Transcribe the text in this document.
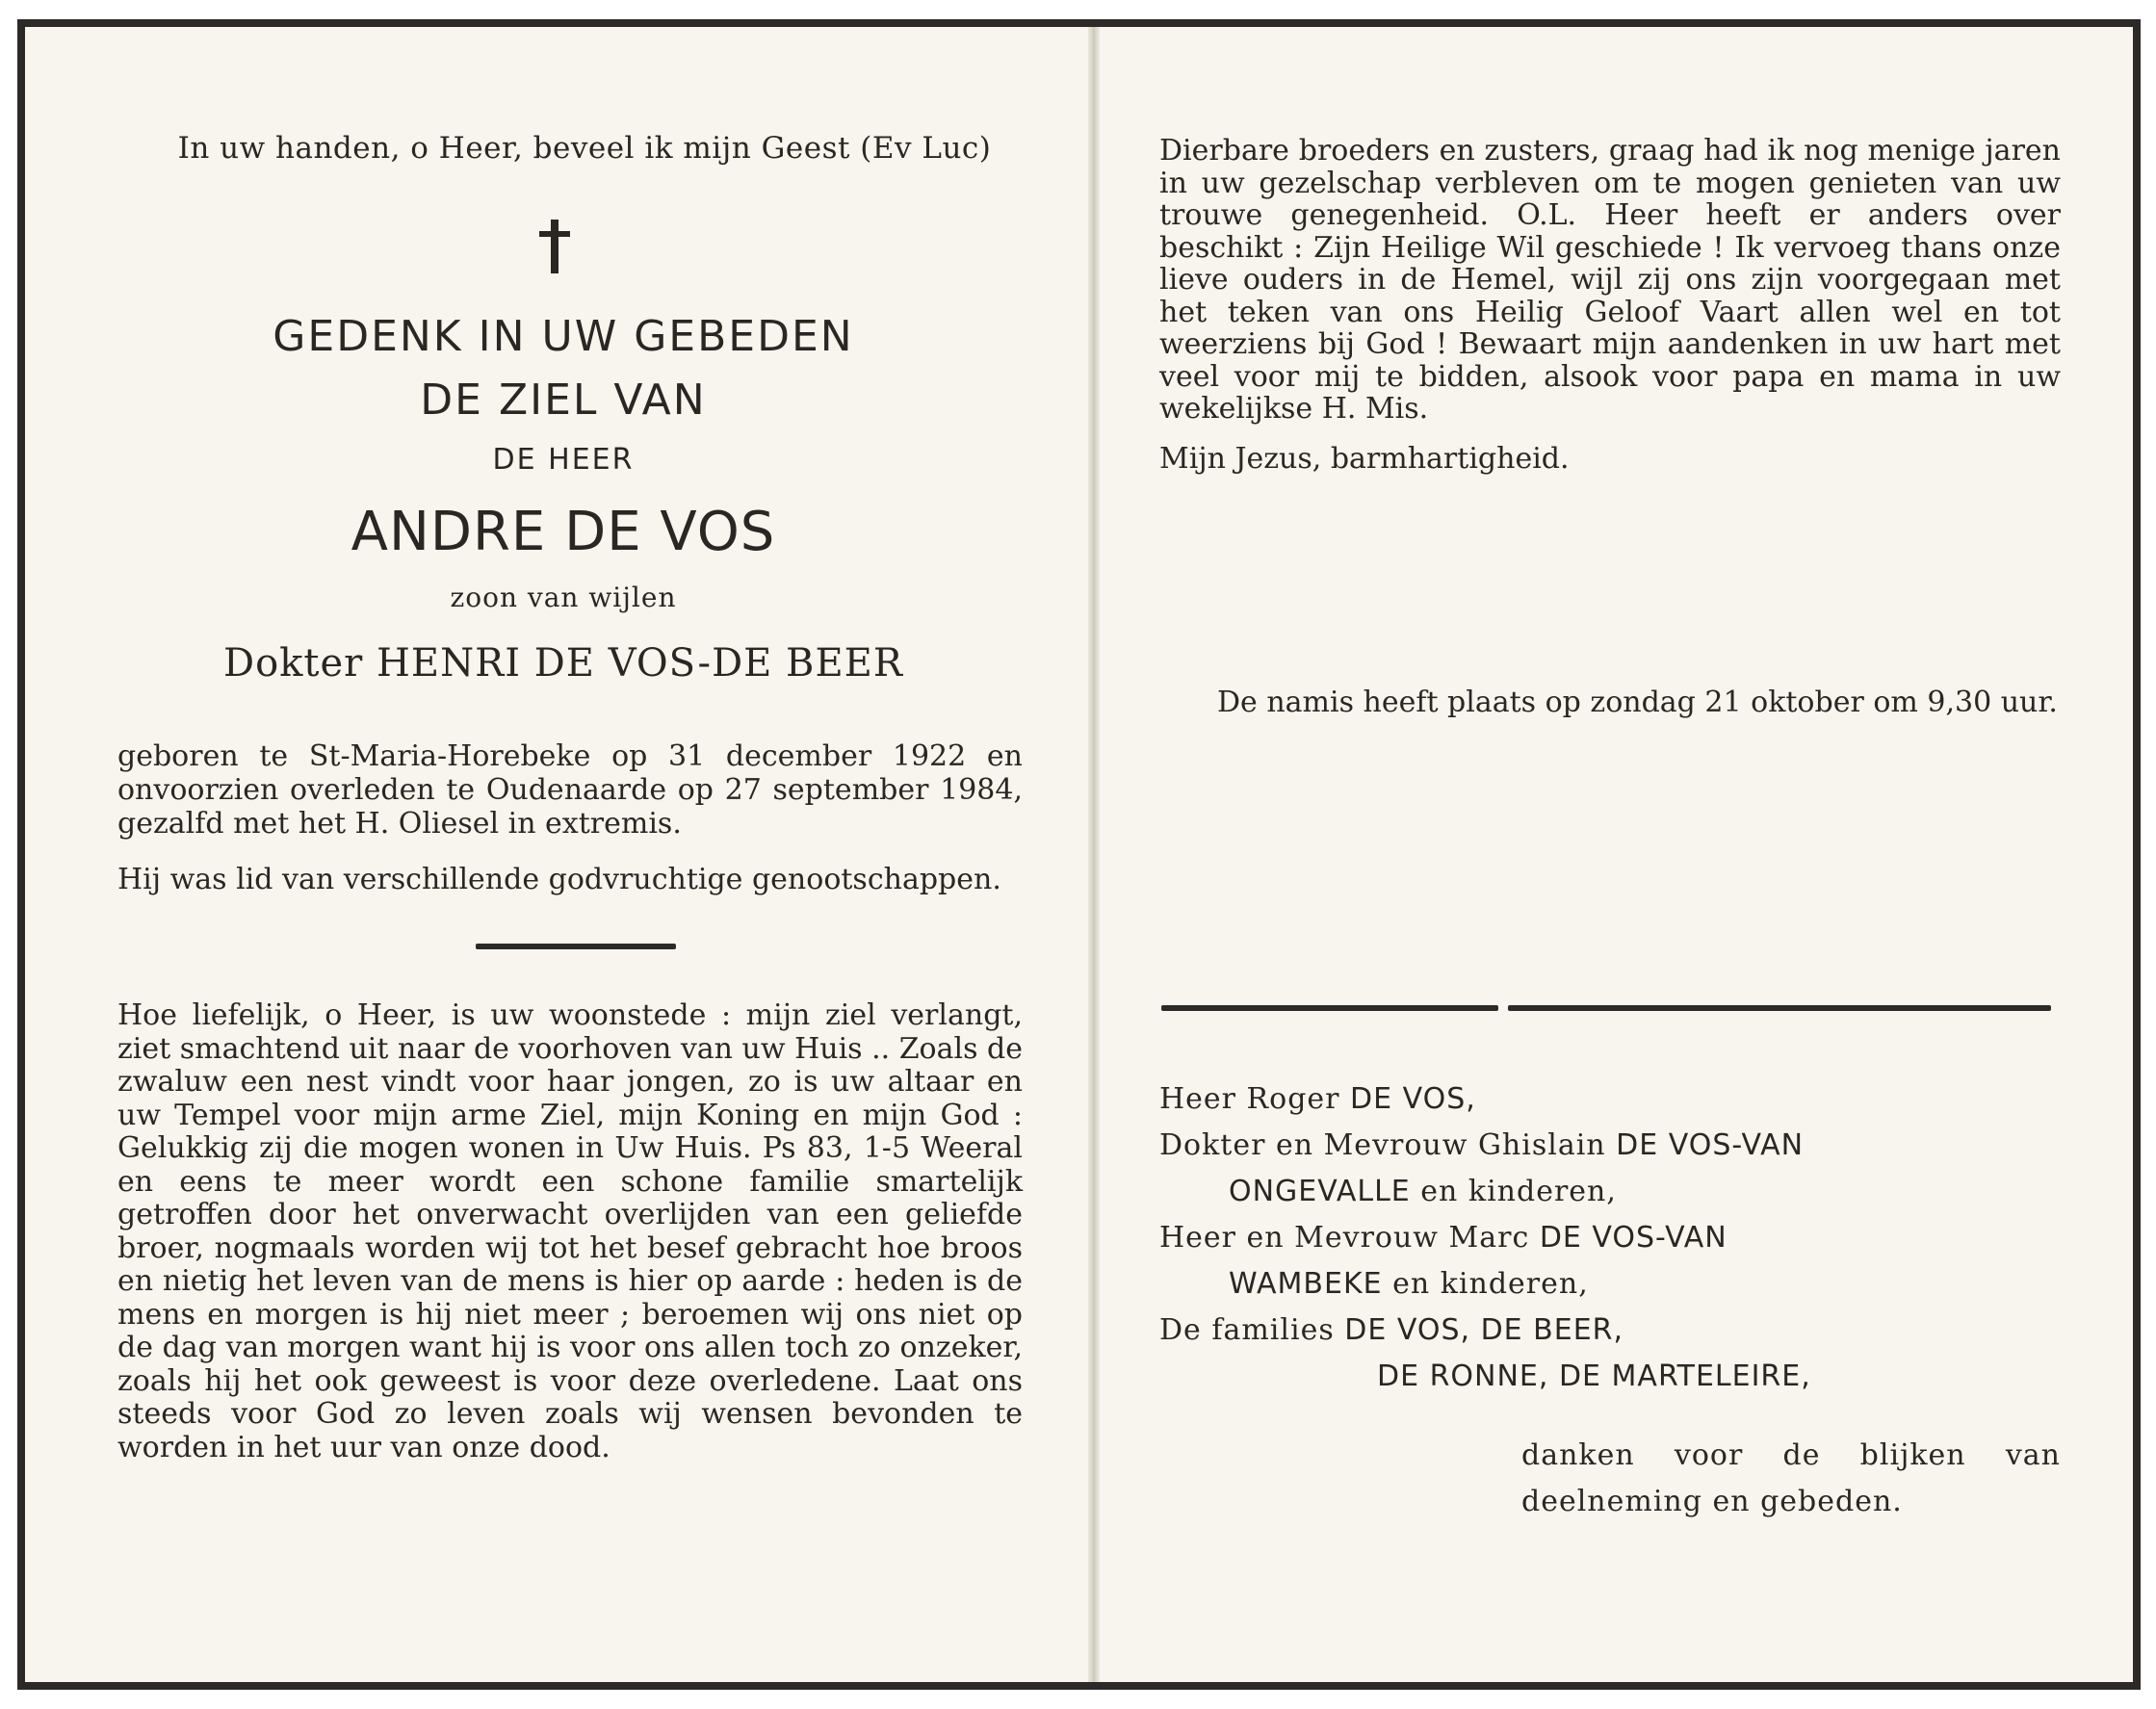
In uw handen, o Heer, beveel ik mijn Geest (Ev Luc)
GEDENK IN UW GEBEDEN
DE ZIEL VAN
DE HEER
ANDRE DE VOS
zoon van wijlen
Dokter HENRI DE VOS-DE BEER
geboren te St-Maria-Horebeke op 31 december 1922 en onvoorzien overleden te Oudenaarde op 27 september 1984, gezalfd met het H. Oliesel in extremis.
Hij was lid van verschillende godvruchtige genootschappen.
Hoe liefelijk, o Heer, is uw woonstede : mijn ziel verlangt, ziet smachtend uit naar de voorhoven van uw Huis .. Zoals de zwaluw een nest vindt voor haar jongen, zo is uw altaar en uw Tempel voor mijn arme Ziel, mijn Koning en mijn God : Gelukkig zij die mogen wonen in Uw Huis. Ps 83, 1-5 Weeral en eens te meer wordt een schone familie smartelijk getroffen door het onverwacht overlijden van een geliefde broer, nogmaals worden wij tot het besef gebracht hoe broos en nietig het leven van de mens is hier op aarde : heden is de mens en morgen is hij niet meer ; beroemen wij ons niet op de dag van morgen want hij is voor ons allen toch zo onzeker, zoals hij het ook geweest is voor deze overledene. Laat ons steeds voor God zo leven zoals wij wensen bevonden te worden in het uur van onze dood.
Dierbare broeders en zusters, graag had ik nog menige jaren in uw gezelschap verbleven om te mogen genieten van uw trouwe genegenheid. O.L. Heer heeft er anders over beschikt : Zijn Heilige Wil geschiede ! Ik vervoeg thans onze lieve ouders in de Hemel, wijl zij ons zijn voorgegaan met het teken van ons Heilig Geloof Vaart allen wel en tot weerziens bij God ! Bewaart mijn aandenken in uw hart met veel voor mij te bidden, alsook voor papa en mama in uw wekelijkse H. Mis.
Mijn Jezus, barmhartigheid.
De namis heeft plaats op zondag 21 oktober om 9,30 uur.
Heer Roger DE VOS,
Dokter en Mevrouw Ghislain DE VOS-VAN
ONGEVALLE en kinderen,
Heer en Mevrouw Marc DE VOS-VAN
WAMBEKE en kinderen,
De families DE VOS, DE BEER,
DE RONNE, DE MARTELEIRE,
danken voor de blijken van deelneming en gebeden.
